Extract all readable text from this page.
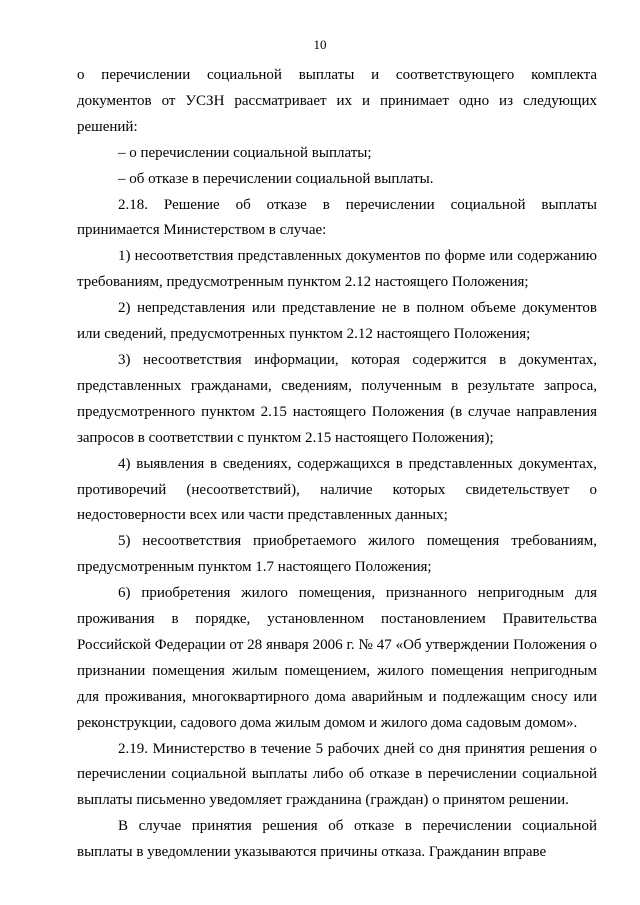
10

о перечислении социальной выплаты и соответствующего комплекта документов от УСЗН рассматривает их и принимает одно из следующих решений:

– о перечислении социальной выплаты;

– об отказе в перечислении социальной выплаты.

2.18. Решение об отказе в перечислении социальной выплаты принимается Министерством в случае:

1) несоответствия представленных документов по форме или содержанию требованиям, предусмотренным пунктом 2.12 настоящего Положения;

2) непредставления или представление не в полном объеме документов или сведений, предусмотренных пунктом 2.12 настоящего Положения;

3) несоответствия информации, которая содержится в документах, представленных гражданами, сведениям, полученным в результате запроса, предусмотренного пунктом 2.15 настоящего Положения (в случае направления запросов в соответствии с пунктом 2.15 настоящего Положения);

4) выявления в сведениях, содержащихся в представленных документах, противоречий (несоответствий), наличие которых свидетельствует о недостоверности всех или части представленных данных;

5) несоответствия приобретаемого жилого помещения требованиям, предусмотренным пунктом 1.7 настоящего Положения;

6) приобретения жилого помещения, признанного непригодным для проживания в порядке, установленном постановлением Правительства Российской Федерации от 28 января 2006 г. № 47 «Об утверждении Положения о признании помещения жилым помещением, жилого помещения непригодным для проживания, многоквартирного дома аварийным и подлежащим сносу или реконструкции, садового дома жилым домом и жилого дома садовым домом».

2.19. Министерство в течение 5 рабочих дней со дня принятия решения о перечислении социальной выплаты либо об отказе в перечислении социальной выплаты письменно уведомляет гражданина (граждан) о принятом решении.

В случае принятия решения об отказе в перечислении социальной выплаты в уведомлении указываются причины отказа. Гражданин вправе
